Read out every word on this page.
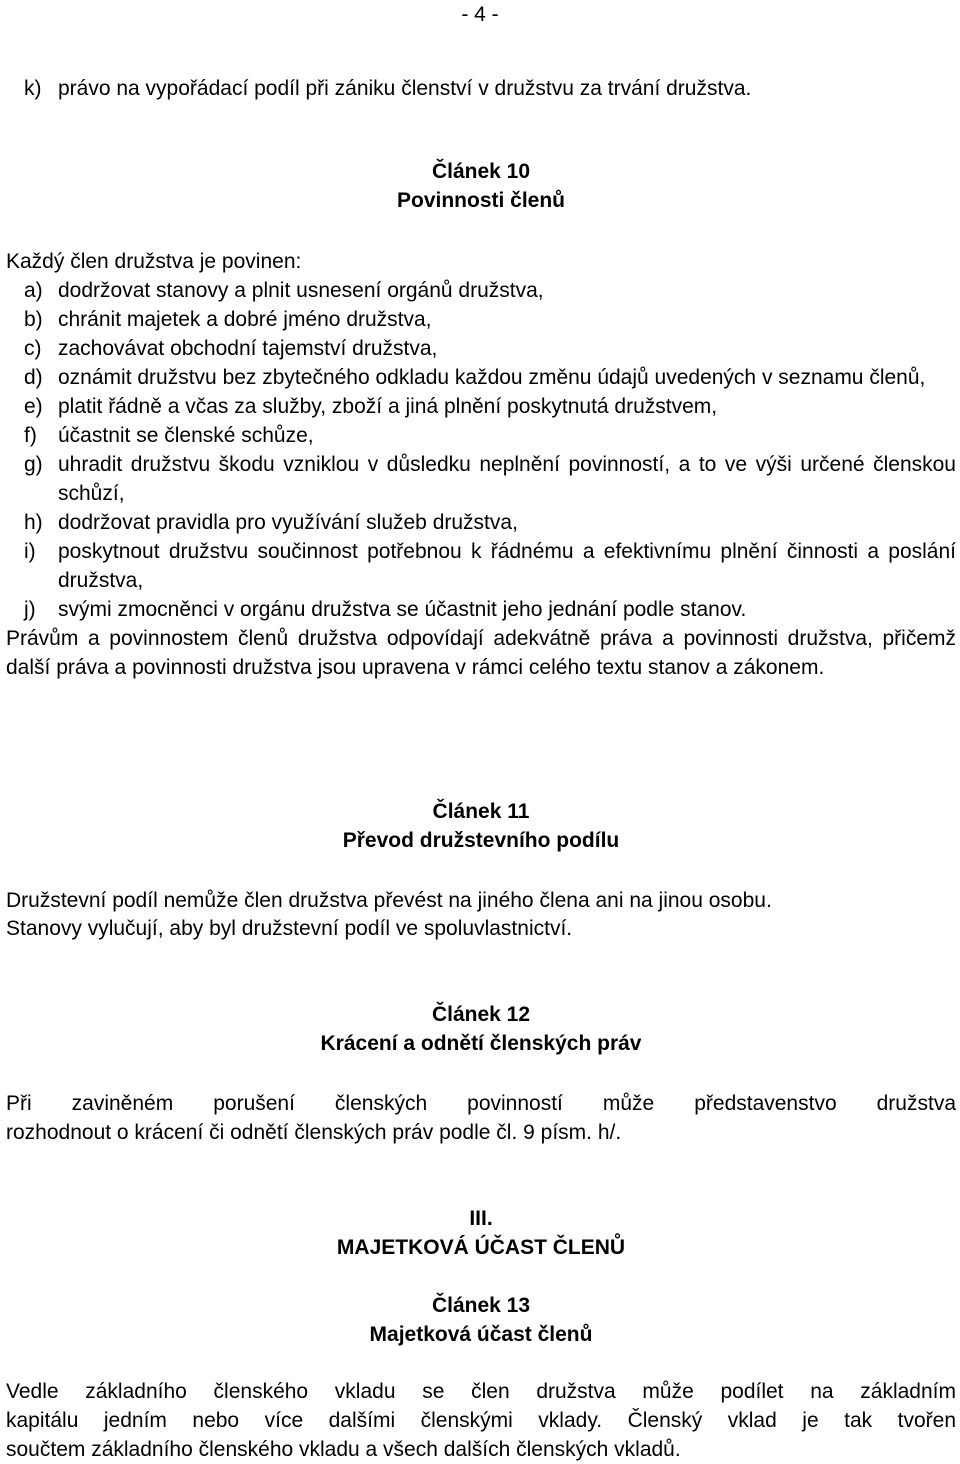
- 4 -
k) právo na vypořádací podíl při zániku členství v družstvu za trvání družstva.
Článek 10
Povinnosti členů
Každý člen družstva je povinen:
a) dodržovat stanovy a plnit usnesení orgánů družstva,
b) chránit majetek a dobré jméno družstva,
c) zachovávat obchodní tajemství družstva,
d) oznámit družstvu bez zbytečného odkladu každou změnu údajů uvedených v seznamu členů,
e) platit řádně a včas za služby, zboží a jiná plnění poskytnutá družstvem,
f)	účastnit se členské schůze,
g) uhradit družstvu škodu vzniklou v důsledku neplnění povinností, a to ve výši určené členskou schůzí,
h) dodržovat pravidla pro využívání služeb družstva,
i)	poskytnout družstvu součinnost potřebnou k řádnému a efektivnímu plnění činnosti a poslání družstva,
j)	svými zmocněnci v orgánu družstva se účastnit jeho jednání podle stanov.
Právům a povinnostem členů družstva odpovídají adekvátně práva a povinnosti družstva, přičemž další práva a povinnosti družstva jsou upravena v rámci celého textu stanov a zákonem.
Článek 11
Převod družstevního podílu
Družstevní podíl nemůže člen družstva převést na jiného člena ani na jinou osobu.
Stanovy vylučují, aby byl družstevní podíl ve spoluvlastnictví.
Článek 12
Krácení a odnětí členských práv
Při zaviněném porušení členských povinností může představenstvo družstva
rozhodnout o krácení či odnětí členských práv podle čl. 9 písm. h/.
III.
MAJETKOVÁ ÚČAST ČLENŮ
Článek 13
Majetková účast členů
Vedle základního členského vkladu se člen družstva může podílet na základním
kapitálu jedním nebo více dalšími členskými vklady. Členský vklad je tak tvořen
součtem základního členského vkladu a všech dalších členských vkladů.
